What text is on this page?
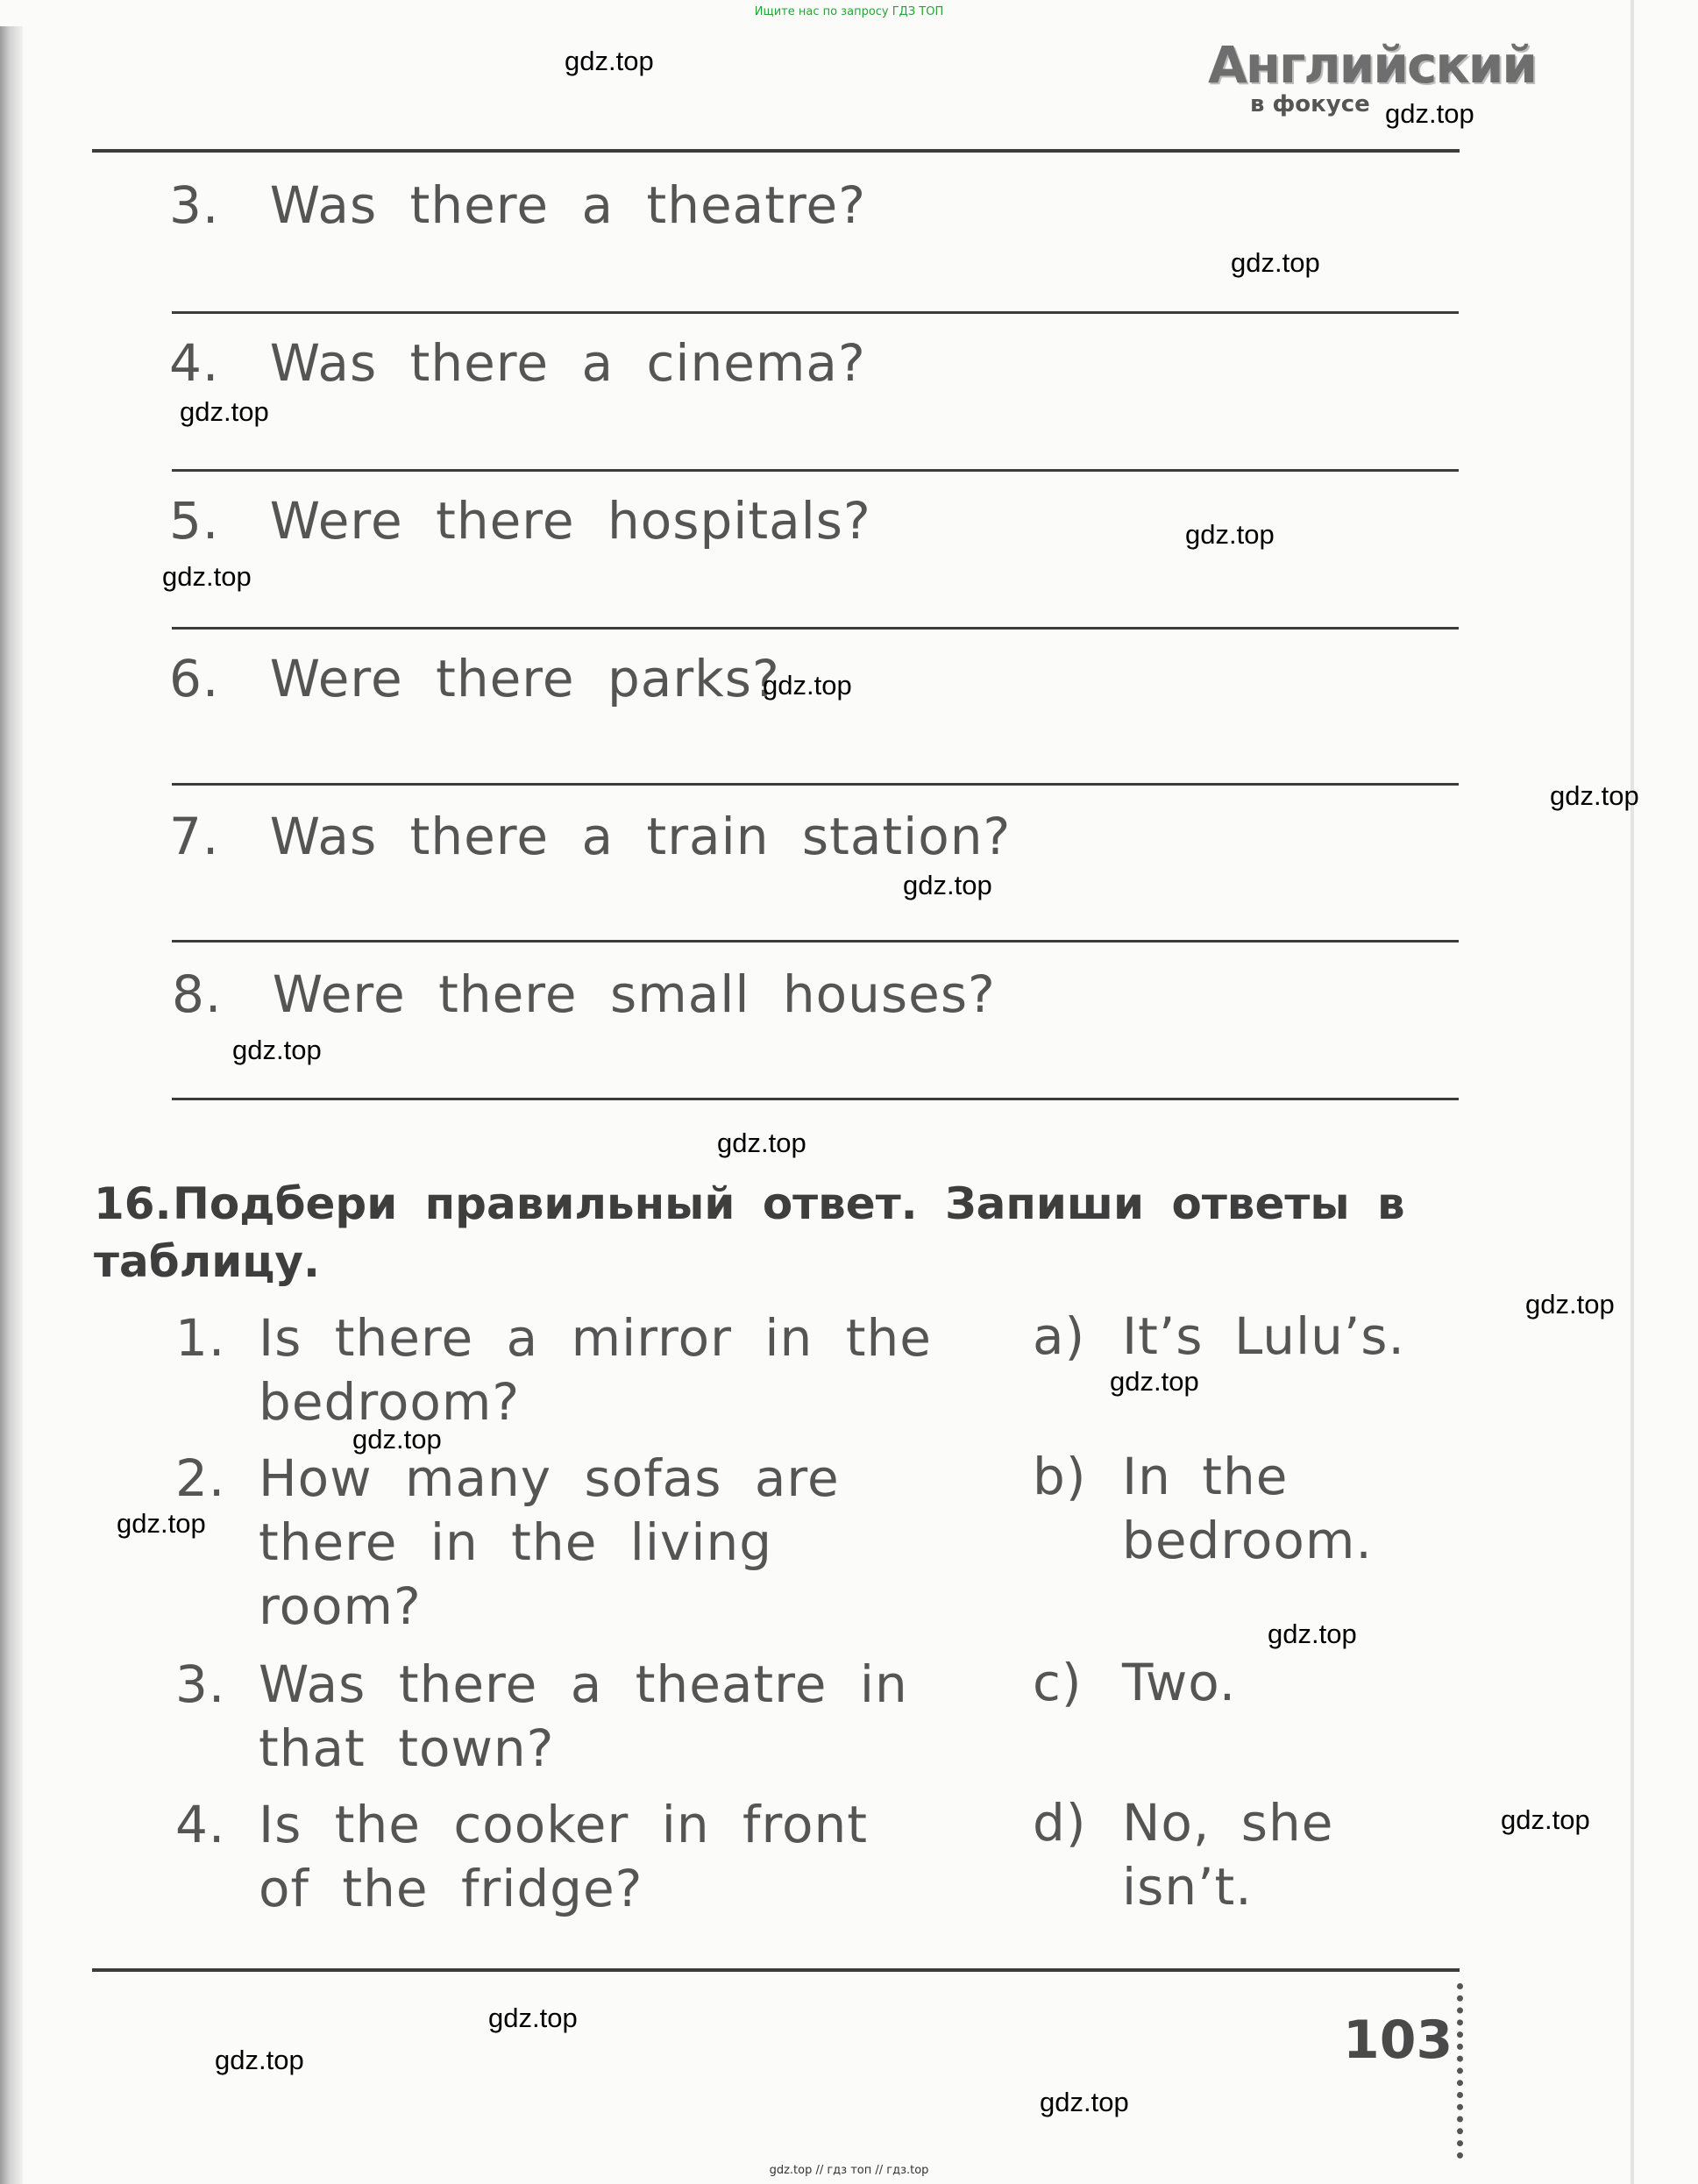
Ищите нас по запросу ГДЗ ТОП
Английский
в фокусе
3. Was there a theatre?
4. Was there a cinema?
5. Were there hospitals?
6. Were there parks?
7. Was there a train station?
8. Were there small houses?
16.Подбери правильный ответ. Запиши ответы в таблицу.
1. Is there a mirror in the bedroom?
2. How many sofas are there in the living room?
3. Was there a theatre in that town?
4. Is the cooker in front of the fridge?
a) It’s Lulu’s.
b) In the bedroom.
c) Two.
d) No, she isn’t.
103
gdz.top
gdz.top
gdz.top
gdz.top
gdz.top
gdz.top
gdz.top
gdz.top
gdz.top
gdz.top
gdz.top
gdz.top
gdz.top
gdz.top
gdz.top
gdz.top
gdz.top
gdz.top
gdz.top
gdz.top
gdz.top // гдз топ // гдз.top
